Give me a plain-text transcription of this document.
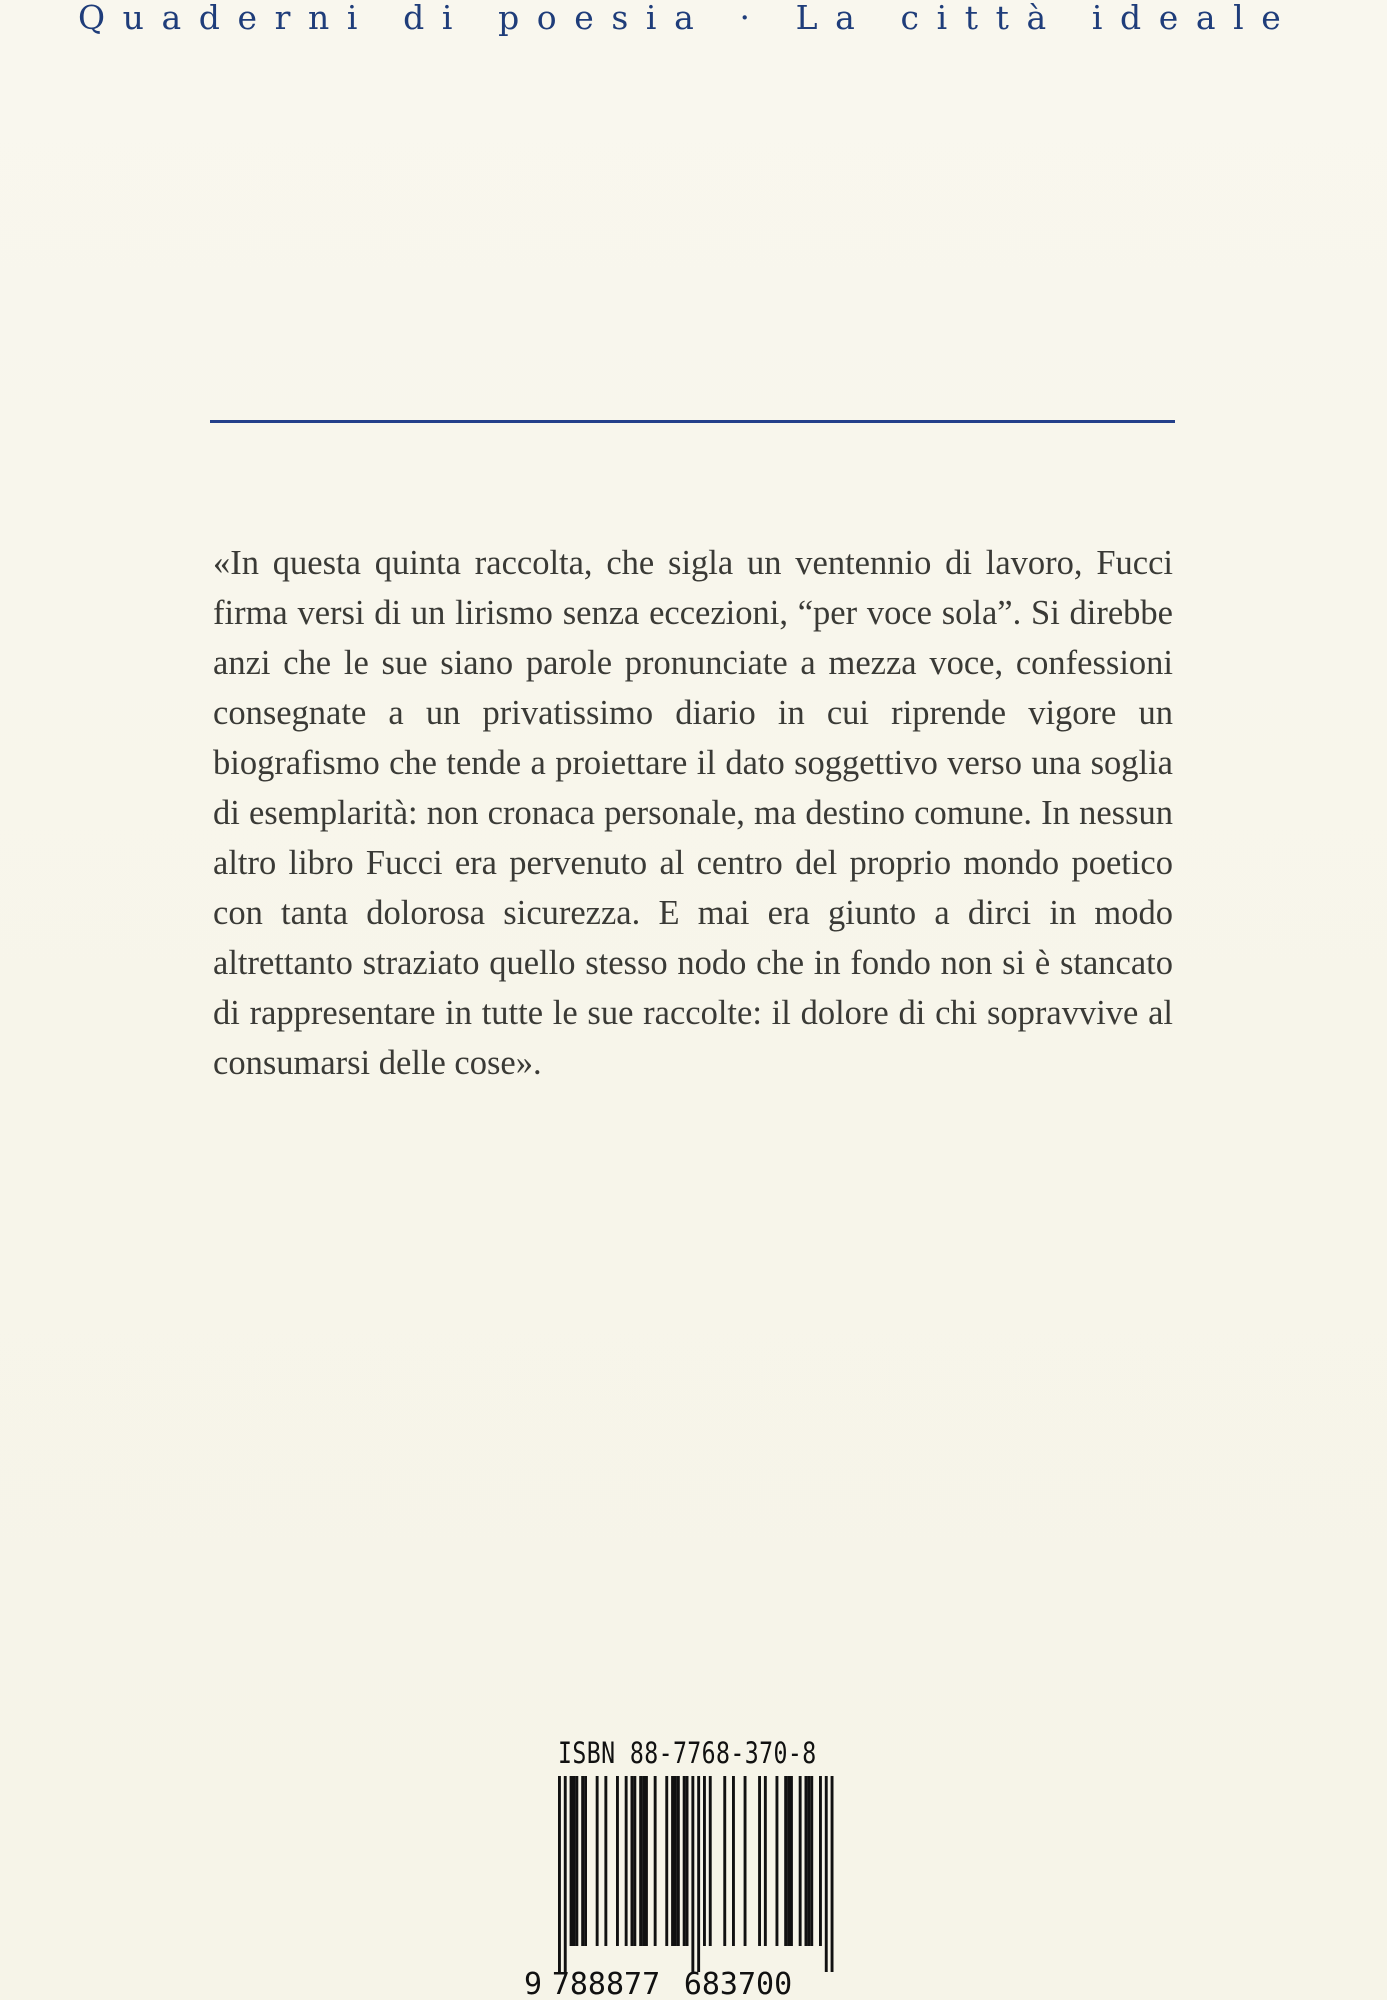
Quaderni di poesia · La città ideale

«In questa quinta raccolta, che sigla un ventennio di lavoro, Fucci firma versi di un lirismo senza eccezioni, “per voce sola”. Si direbbe anzi che le sue siano parole pronunciate a mezza voce, confessioni consegnate a un privatissimo diario in cui riprende vigore un biografismo che tende a proiettare il dato soggettivo verso una soglia di esemplarità: non cronaca personale, ma destino comune. In nessun altro libro Fucci era pervenuto al centro del proprio mondo poetico con tanta dolorosa sicurezza. E mai era giunto a dirci in modo altrettanto straziato quello stesso nodo che in fondo non si è stancato di rappresentare in tutte le sue raccolte: il dolore di chi sopravvive al consumarsi delle cose».

ISBN 88-7768-370-8
9 788877 683700
